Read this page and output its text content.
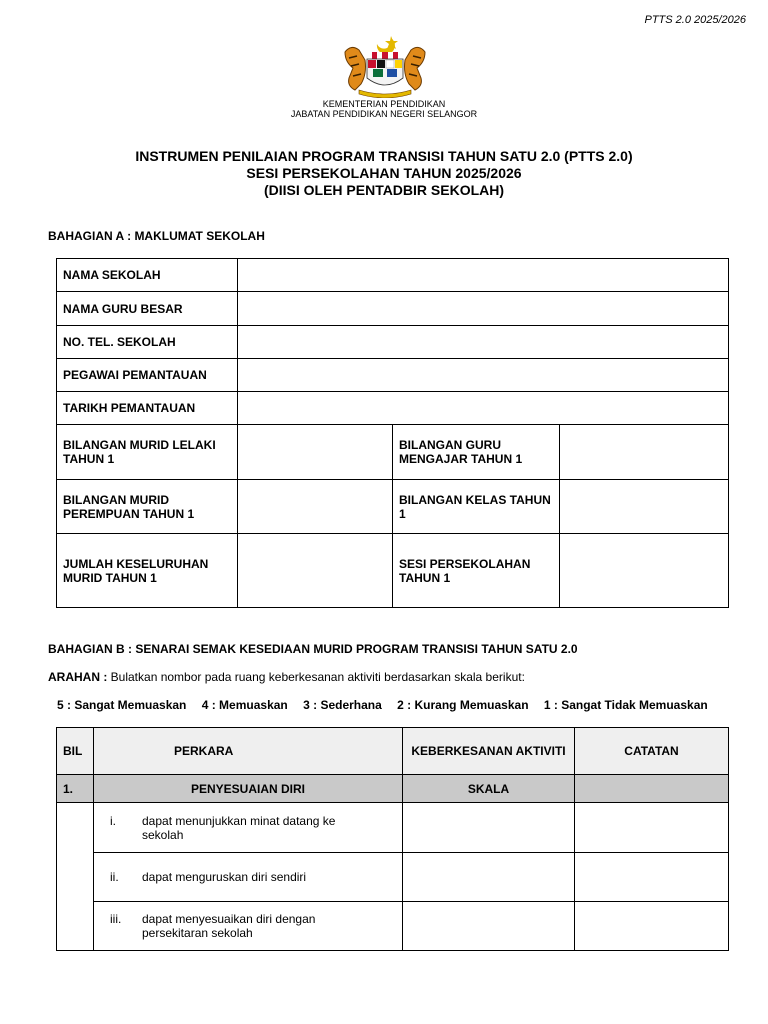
PTTS 2.0 2025/2026
KEMENTERIAN PENDIDIKAN
JABATAN PENDIDIKAN NEGERI SELANGOR
INSTRUMEN PENILAIAN PROGRAM TRANSISI TAHUN SATU 2.0 (PTTS 2.0)
SESI PERSEKOLAHAN TAHUN 2025/2026
(DIISI OLEH PENTADBIR SEKOLAH)
BAHAGIAN A : MAKLUMAT SEKOLAH
NAMA SEKOLAH			
NAMA GURU BESAR			
NO. TEL. SEKOLAH			
PEGAWAI PEMANTAUAN			
TARIKH PEMANTAUAN			
BILANGAN MURID LELAKI TAHUN 1		BILANGAN GURU MENGAJAR TAHUN 1	
BILANGAN MURID PEREMPUAN TAHUN 1		BILANGAN KELAS TAHUN 1	
JUMLAH KESELURUHAN MURID TAHUN 1		SESI PERSEKOLAHAN TAHUN 1	
BAHAGIAN B : SENARAI SEMAK KESEDIAAN MURID PROGRAM TRANSISI TAHUN SATU 2.0
ARAHAN : Bulatkan nombor pada ruang keberkesanan aktiviti berdasarkan skala berikut:
5 : Sangat Memuaskan 4 : Memuaskan 3 : Sederhana 2 : Kurang Memuaskan 1 : Sangat Tidak Memuaskan
BIL	PERKARA	KEBERKESANAN AKTIVITI	CATATAN
1.	PENYESUAIAN DIRI	SKALA	
	i. dapat menunjukkan minat datang ke sekolah		
	ii. dapat menguruskan diri sendiri		
	iii. dapat menyesuaikan diri dengan persekitaran sekolah		
